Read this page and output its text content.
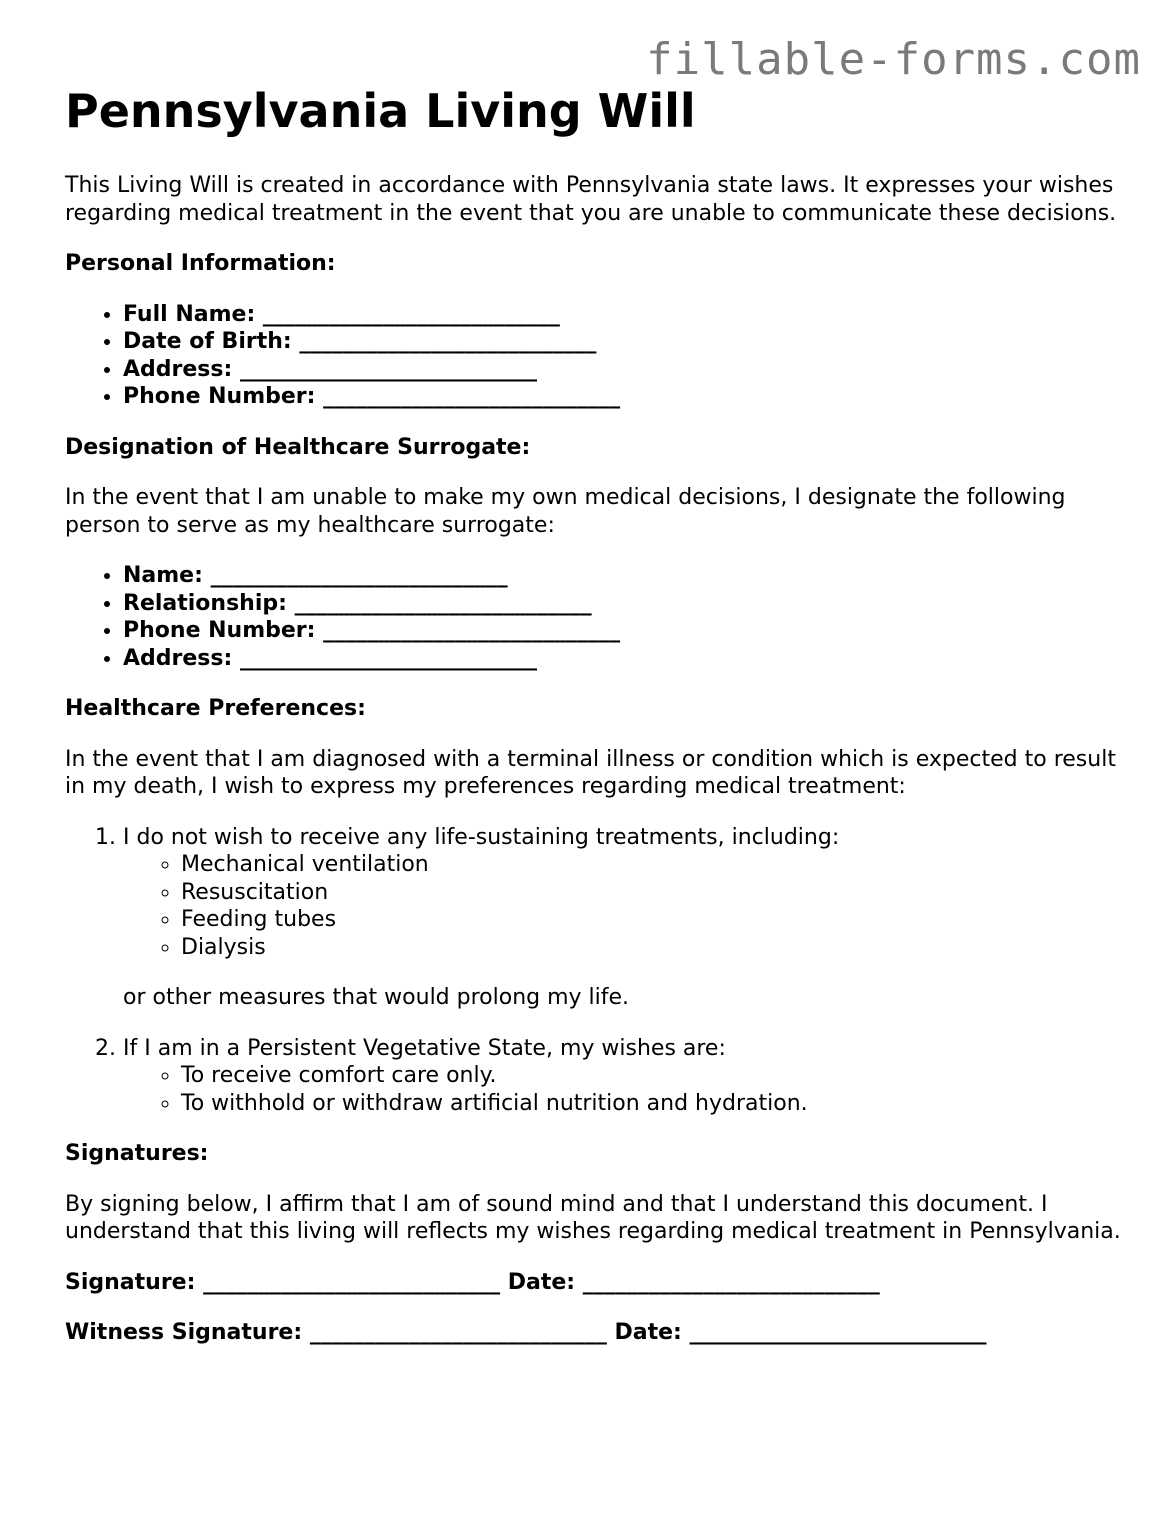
fillable-forms.com
Pennsylvania Living Will

This Living Will is created in accordance with Pennsylvania state laws. It expresses your wishes regarding medical treatment in the event that you are unable to communicate these decisions.

Personal Information:

• Full Name: ___________________________
• Date of Birth: ___________________________
• Address: ___________________________
• Phone Number: ___________________________

Designation of Healthcare Surrogate:

In the event that I am unable to make my own medical decisions, I designate the following person to serve as my healthcare surrogate:

• Name: ___________________________
• Relationship: ___________________________
• Phone Number: ___________________________
• Address: ___________________________

Healthcare Preferences:

In the event that I am diagnosed with a terminal illness or condition which is expected to result in my death, I wish to express my preferences regarding medical treatment:

1. I do not wish to receive any life-sustaining treatments, including:
◦ Mechanical ventilation
◦ Resuscitation
◦ Feeding tubes
◦ Dialysis
or other measures that would prolong my life.
2. If I am in a Persistent Vegetative State, my wishes are:
◦ To receive comfort care only.
◦ To withhold or withdraw artificial nutrition and hydration.

Signatures:

By signing below, I affirm that I am of sound mind and that I understand this document. I understand that this living will reflects my wishes regarding medical treatment in Pennsylvania.

Signature: ___________________________ Date: ___________________________

Witness Signature: ___________________________ Date: ___________________________
